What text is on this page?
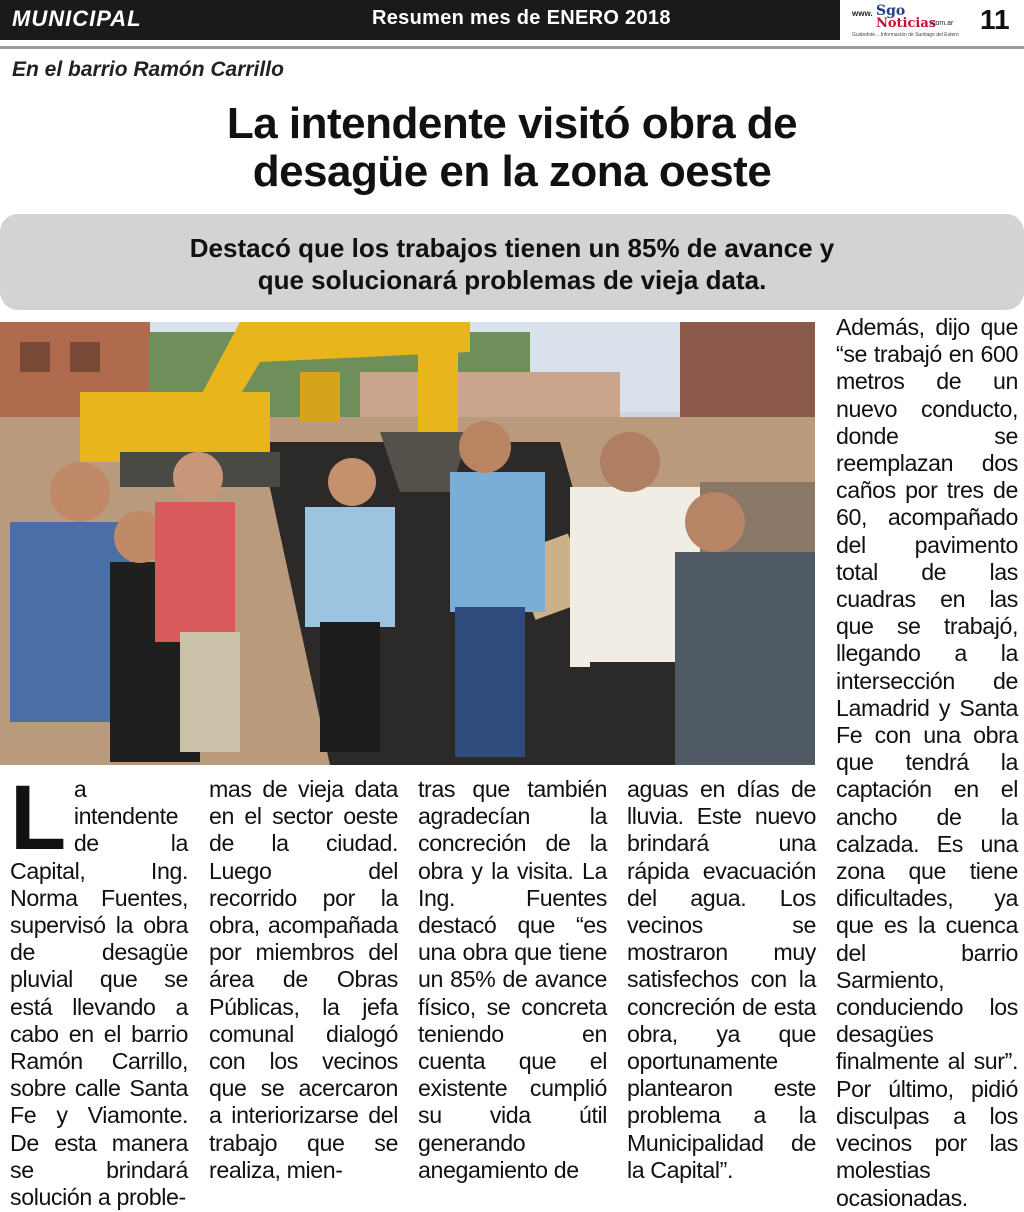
MUNICIPAL	Resumen mes de ENERO 2018	www. Sgo
Noticias
.com.ar
Guiándote... Información de Santiago del Estero 11
En el barrio Ramón Carrillo
La intendente visitó obra de
desagüe en la zona oeste
Destacó que los trabajos tienen un 85% de avance y
que solucionará problemas de vieja data.
L a intendente de la Capital, Ing. Norma Fuentes, supervisó la obra de desagüe pluvial que se está llevando a cabo en el barrio Ramón Carrillo, sobre calle Santa Fe y Viamonte. De esta manera se brindará solución a proble-
mas de vieja data en el sector oeste de la ciudad. Luego del recorrido por la obra, acompañada por miembros del área de Obras Públicas, la jefa comunal dialogó con los vecinos que se acercaron a interiorizarse del trabajo que se realiza, mien-
tras que también agradecían la concreción de la obra y la visita. La Ing. Fuentes destacó que “es una obra que tiene un 85% de avance físico, se concreta teniendo en cuenta que el existente cumplió su vida útil generando anegamiento de
aguas en días de lluvia. Este nuevo brindará una rápida evacuación del agua. Los vecinos se mostraron muy satisfechos con la concreción de esta obra, ya que oportunamente plantearon este problema a la Municipalidad de la Capital”.
Además, dijo que “se trabajó en 600 metros de un nuevo conducto, donde se reemplazan dos caños por tres de 60, acompañado del pavimento total de las cuadras en las que se trabajó, llegando a la intersección de Lamadrid y Santa Fe con una obra que tendrá la captación en el ancho de la calzada. Es una zona que tiene dificultades, ya que es la cuenca del barrio Sarmiento, conduciendo los desagües finalmente al sur”. Por último, pidió disculpas a los vecinos por las molestias ocasionadas.
